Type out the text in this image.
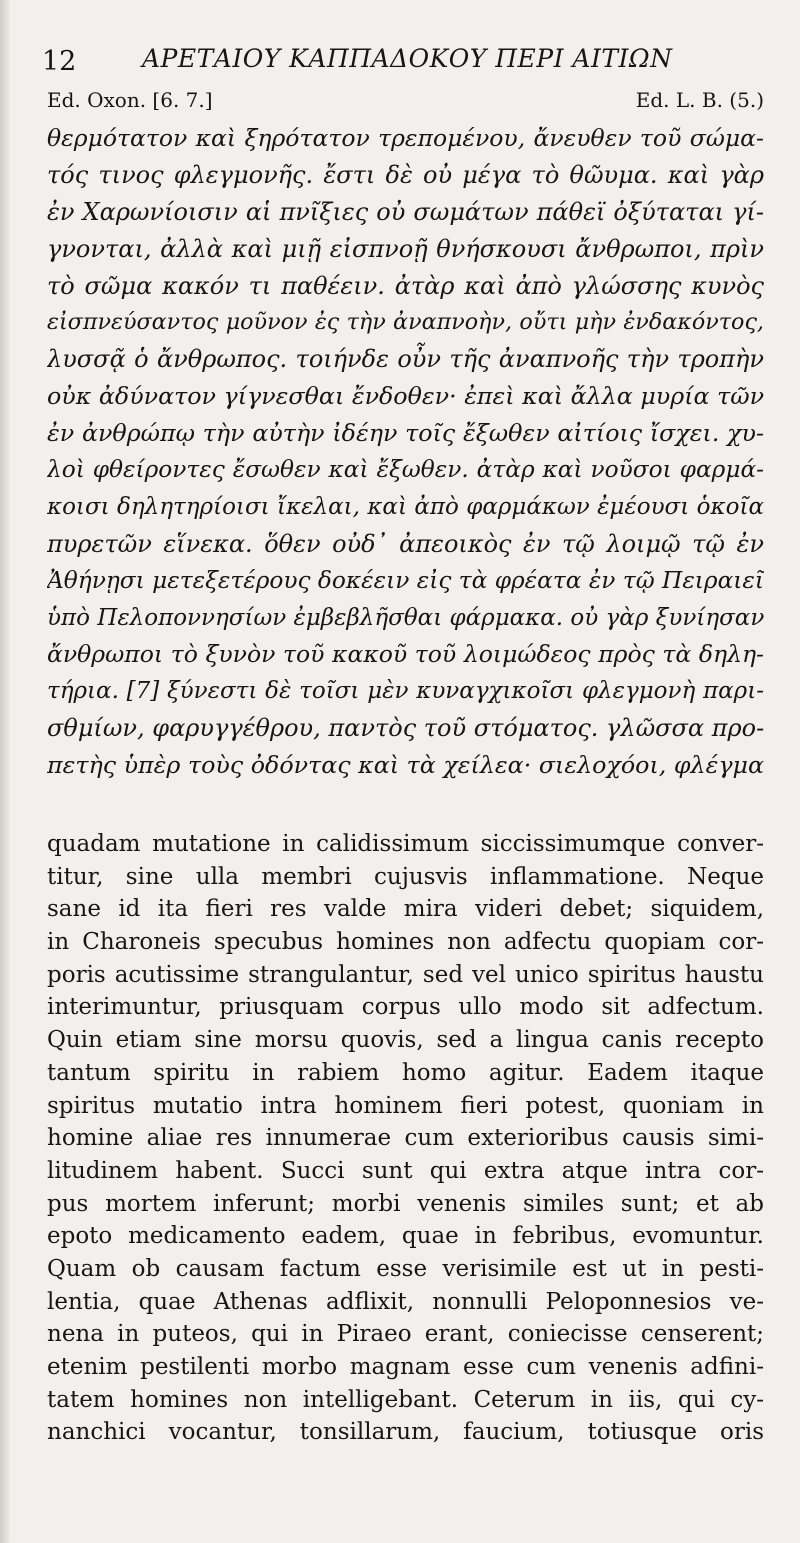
12	ΑΡΕΤΑΙΟΥ ΚΑΠΠΑΔΟΚΟΥ ΠΕΡΙ ΑΙΤΙΩΝ
Ed. Oxon. [6. 7.]	Ed. L. B. (5.)
θερμότατον καὶ ξηρότατον τρεπομένου, ἄνευθεν τοῦ σώμα-
τός τινος φλεγμονῆς. ἔστι δὲ οὐ μέγα τὸ θῶυμα. καὶ γὰρ
ἐν Χαρωνίοισιν αἱ πνῖξιες οὐ σωμάτων πάθεϊ ὀξύταται γί-
γνονται, ἀλλὰ καὶ μιῇ εἰσπνοῇ θνήσκουσι ἄνθρωποι, πρὶν
τὸ σῶμα κακόν τι παθέειν. ἀτὰρ καὶ ἀπὸ γλώσσης κυνὸς
εἰσπνεύσαντος μοῦνον ἐς τὴν ἀναπνοὴν, οὔτι μὴν ἐνδακόντος,
λυσσᾷ ὁ ἄνθρωπος. τοιήνδε οὖν τῆς ἀναπνοῆς τὴν τροπὴν
οὐκ ἀδύνατον γίγνεσθαι ἔνδοθεν· ἐπεὶ καὶ ἄλλα μυρία τῶν
ἐν ἀνθρώπῳ τὴν αὐτὴν ἰδέην τοῖς ἔξωθεν αἰτίοις ἴσχει. χυ-
λοὶ φθείροντες ἔσωθεν καὶ ἔξωθεν. ἀτὰρ καὶ νοῦσοι φαρμά-
κοισι δηλητηρίοισι ἴκελαι, καὶ ἀπὸ φαρμάκων ἐμέουσι ὁκοῖα
πυρετῶν εἵνεκα. ὅθεν οὐδ᾽ ἀπεοικὸς ἐν τῷ λοιμῷ τῷ ἐν
Ἀθήνῃσι μετεξετέρους δοκέειν εἰς τὰ φρέατα ἐν τῷ Πειραιεῖ
ὑπὸ Πελοποννησίων ἐμβεβλῆσθαι φάρμακα. οὐ γὰρ ξυνίησαν
ἄνθρωποι τὸ ξυνὸν τοῦ κακοῦ τοῦ λοιμώδεος πρὸς τὰ δηλη-
τήρια. [7] ξύνεστι δὲ τοῖσι μὲν κυναγχικοῖσι φλεγμονὴ παρι-
σθμίων, φαρυγγέθρου, παντὸς τοῦ στόματος. γλῶσσα προ-
πετὴς ὑπὲρ τοὺς ὀδόντας καὶ τὰ χείλεα· σιελοχόοι, φλέγμα
quadam mutatione in calidissimum siccissimumque conver-
titur, sine ulla membri cujusvis inflammatione. Neque
sane id ita fieri res valde mira videri debet; siquidem,
in Charoneis specubus homines non adfectu quopiam cor-
poris acutissime strangulantur, sed vel unico spiritus haustu
interimuntur, priusquam corpus ullo modo sit adfectum.
Quin etiam sine morsu quovis, sed a lingua canis recepto
tantum spiritu in rabiem homo agitur. Eadem itaque
spiritus mutatio intra hominem fieri potest, quoniam in
homine aliae res innumerae cum exterioribus causis simi-
litudinem habent. Succi sunt qui extra atque intra cor-
pus mortem inferunt; morbi venenis similes sunt; et ab
epoto medicamento eadem, quae in febribus, evomuntur.
Quam ob causam factum esse verisimile est ut in pesti-
lentia, quae Athenas adflixit, nonnulli Peloponnesios ve-
nena in puteos, qui in Piraeo erant, coniecisse censerent;
etenim pestilenti morbo magnam esse cum venenis adfini-
tatem homines non intelligebant. Ceterum in iis, qui cy-
nanchici vocantur, tonsillarum, faucium, totiusque oris
